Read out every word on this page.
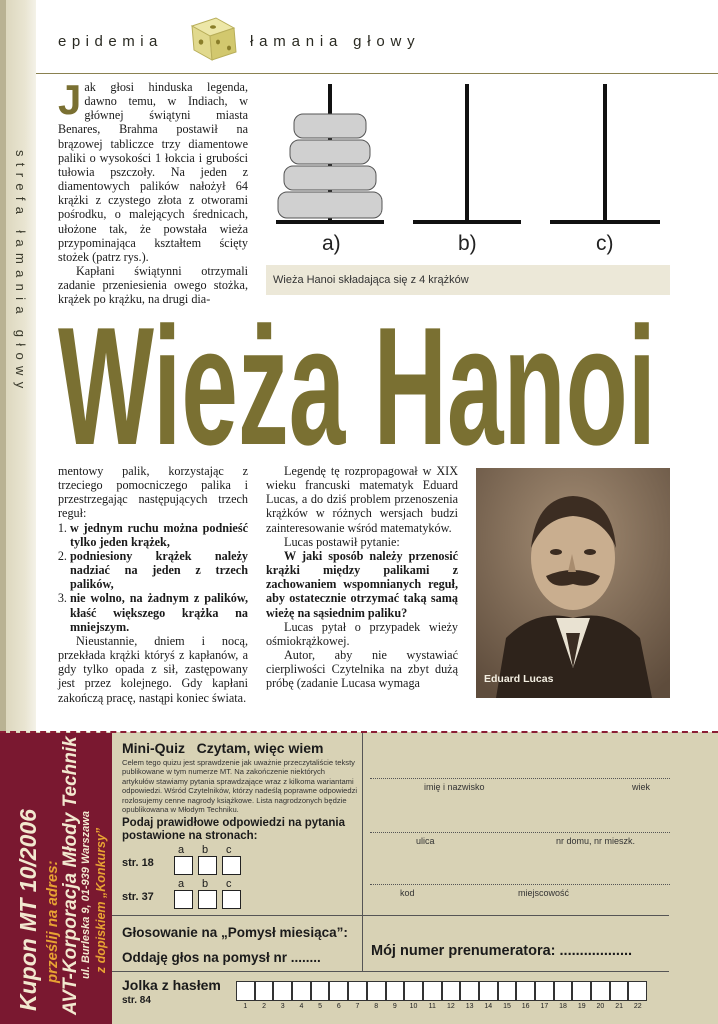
strefa łamania głowy
epidemia	łamania głowy
J ak głosi hinduska legenda, dawno temu, w Indiach, w głównej świątyni miasta Benares, Brahma postawił na brązowej tabliczce trzy diamentowe paliki o wysokości 1 łokcia i grubości tułowia pszczoły. Na jeden z diamentowych palików nałożył 64 krążki z czystego złota z otworami pośrodku, o malejących średnicach, ułożone tak, że powstała wieża przypominająca kształtem ścięty stożek (patrz rys.).

Kapłani świątynni otrzymali zadanie przeniesienia owego stożka, krążek po krążku, na drugi dia-

a)	b)	c)
Wieża Hanoi składająca się z 4 krążków
Wieża Hanoi

mentowy palik, korzystając z trzeciego pomocniczego palika i przestrzegając następujących trzech reguł:

1. w jednym ruchu można podnieść tylko jeden krążek,
2. podniesiony krążek należy nadziać na jeden z trzech palików,
3. nie wolno, na żadnym z palików, kłaść większego krążka na mniejszym.

Nieustannie, dniem i nocą, przekłada krążki któryś z kapłanów, a gdy tylko opada z sił, zastępowany jest przez kolejnego. Gdy kapłani zakończą pracę, nastąpi koniec świata.

Legendę tę rozpropagował w XIX wieku francuski matematyk Eduard Lucas, a do dziś problem przenoszenia krążków w różnych wersjach budzi zainteresowanie wśród matematyków.

Lucas postawił pytanie:

W jaki sposób należy przenosić krążki między palikami z zachowaniem wspomnianych reguł, aby ostatecznie otrzymać taką samą wieżę na sąsiednim paliku?

Lucas pytał o przypadek wieży ośmiokrążkowej.

Autor, aby nie wystawiać cierpliwości Czytelnika na zbyt dużą próbę (zadanie Lucasa wymaga	Eduard Lucas
Kupon MT 10/2006 prześlij na adres: AVT-Korporacja Młody Technik ul. Burleska 9, 01-939 Warszawa z dopiskiem „Konkursy”
Mini-Quiz   Czytam, więc wiem
Celem tego quizu jest sprawdzenie jak uważnie przeczytaliście teksty publikowane w tym numerze MT. Na zakończenie niektórych artykułów stawiamy pytania sprawdzające wraz z kilkoma wariantami odpowiedzi. Wśród Czytelników, którzy nadeślą poprawne odpowiedzi rozlosujemy cenne nagrody książkowe. Lista nagrodzonych będzie opublikowana w Młodym Techniku.
Podaj prawidłowe odpowiedzi na pytania postawione na stronach:
a b c
str. 18
a b c
str. 37
imię i nazwisko	wiek
ulica	nr domu, nr mieszk.
kod	miejscowość
Głosowanie na „Pomysł miesiąca”:
Oddaję głos na pomysł nr ........	Mój numer prenumeratora: ..................
Jolka z hasłem
str. 84
1	2	3	4	5	6	7	8	9	10	11	12	13	14	15	16	17	18	19	20	21	22
